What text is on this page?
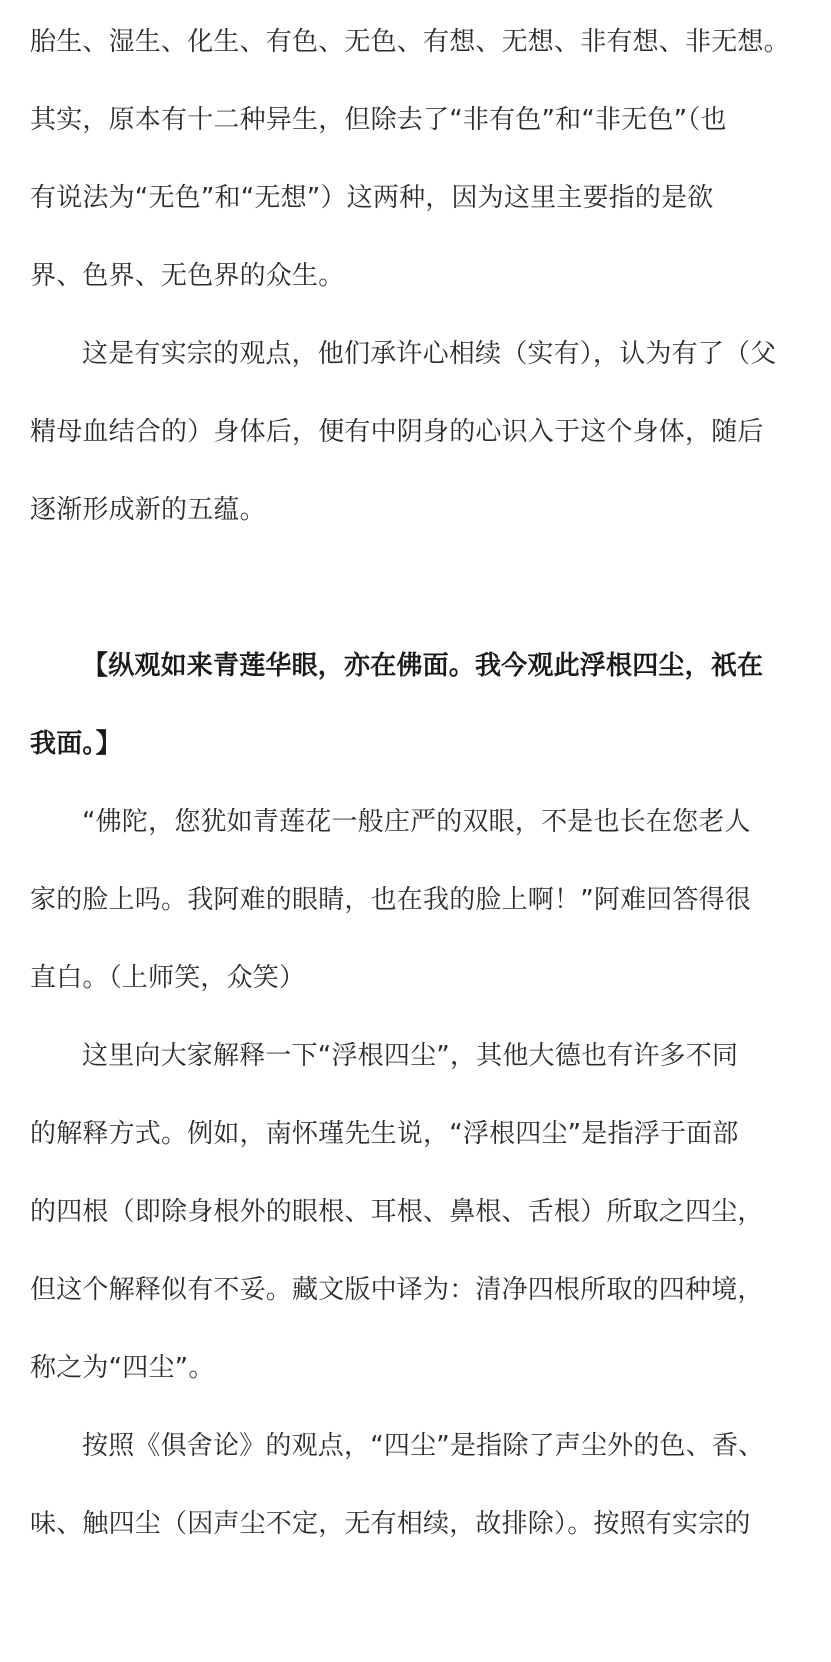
胎生、湿生、化生、有色、无色、有想、无想、非有想、非无想。
其实，原本有十二种异生，但除去了“非有色”和“非无色”（也
有说法为“无色”和“无想”）这两种，因为这里主要指的是欲
界、色界、无色界的众生。
这是有实宗的观点，他们承许心相续（实有），认为有了（父
精母血结合的）身体后，便有中阴身的心识入于这个身体，随后
逐渐形成新的五蕴。
【纵观如来青莲华眼，亦在佛面。我今观此浮根四尘，祇在
我面。】
“佛陀，您犹如青莲花一般庄严的双眼，不是也长在您老人
家的脸上吗。我阿难的眼睛，也在我的脸上啊！”阿难回答得很
直白。（上师笑，众笑）
这里向大家解释一下“浮根四尘”，其他大德也有许多不同
的解释方式。例如，南怀瑾先生说，“浮根四尘”是指浮于面部
的四根（即除身根外的眼根、耳根、鼻根、舌根）所取之四尘，
但这个解释似有不妥。藏文版中译为：清净四根所取的四种境，
称之为“四尘”。
按照《俱舍论》的观点，“四尘”是指除了声尘外的色、香、
味、触四尘（因声尘不定，无有相续，故排除）。按照有实宗的
